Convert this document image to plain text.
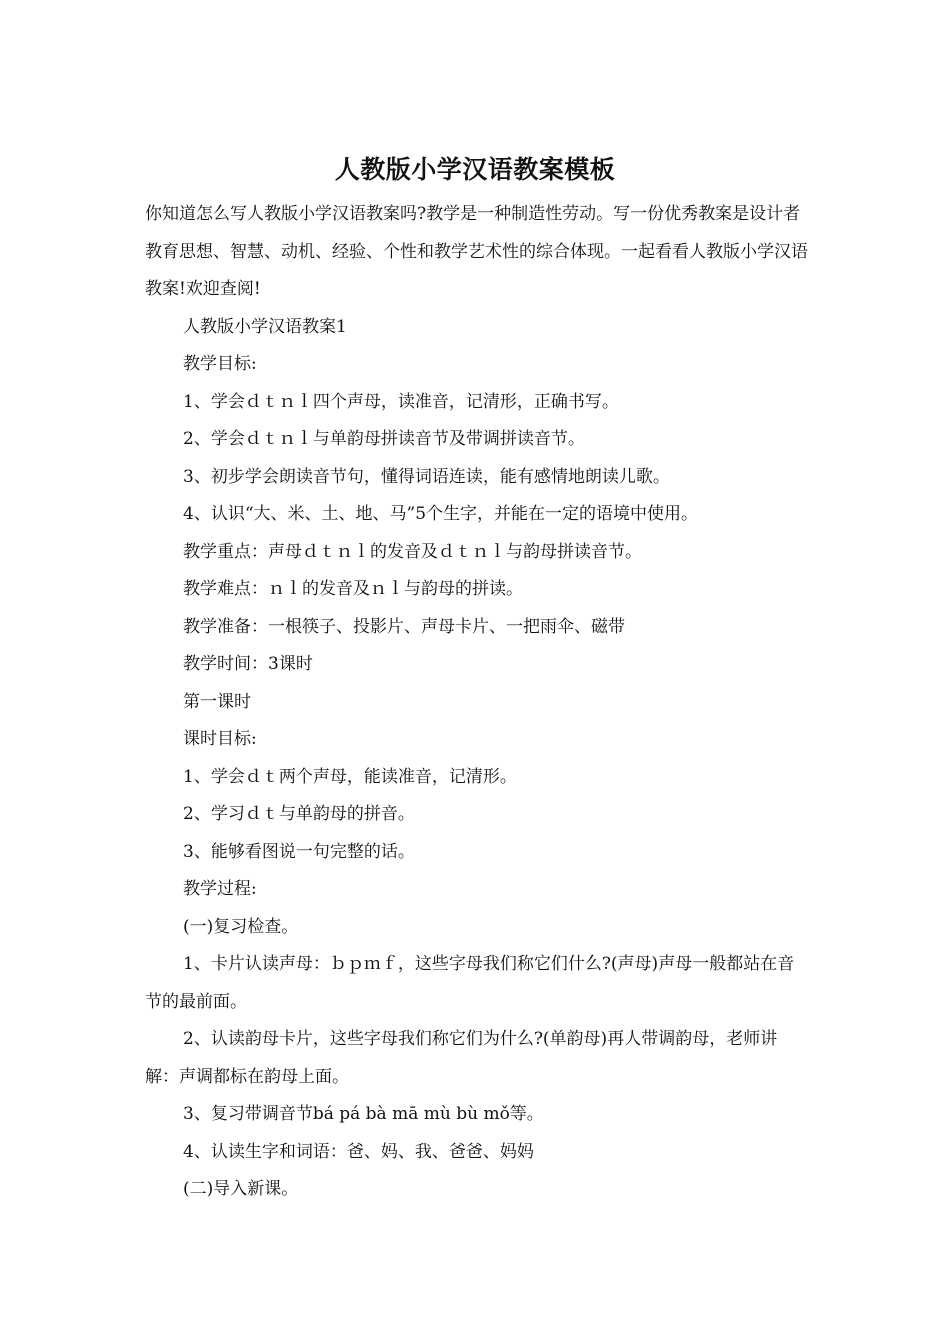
人教版小学汉语教案模板

你知道怎么写人教版小学汉语教案吗?教学是一种制造性劳动。写一份优秀教案是设计者教育思想、智慧、动机、经验、个性和教学艺术性的综合体现。一起看看人教版小学汉语教案!欢迎查阅!

人教版小学汉语教案1

教学目标:

1、学会ｄｔｎｌ四个声母，读准音，记清形，正确书写。

2、学会ｄｔｎｌ与单韵母拼读音节及带调拼读音节。

3、初步学会朗读音节句，懂得词语连读，能有感情地朗读儿歌。

4、认识“大、米、土、地、马”5个生字，并能在一定的语境中使用。

教学重点：声母ｄｔｎｌ的发音及ｄｔｎｌ与韵母拼读音节。

教学难点：ｎｌ的发音及ｎｌ与韵母的拼读。

教学准备：一根筷子、投影片、声母卡片、一把雨伞、磁带

教学时间：3课时

第一课时

课时目标:

1、学会ｄｔ两个声母，能读准音，记清形。

2、学习ｄｔ与单韵母的拼音。

3、能够看图说一句完整的话。

教学过程:

(一)复习检查。

1、卡片认读声母：ｂｐｍｆ，这些字母我们称它们什么?(声母)声母一般都站在音节的最前面。

2、认读韵母卡片，这些字母我们称它们为什么?(单韵母)再人带调韵母，老师讲解：声调都标在韵母上面。

3、复习带调音节bá pá bà mā mù bù mǒ等。

4、认读生字和词语：爸、妈、我、爸爸、妈妈

(二)导入新课。
